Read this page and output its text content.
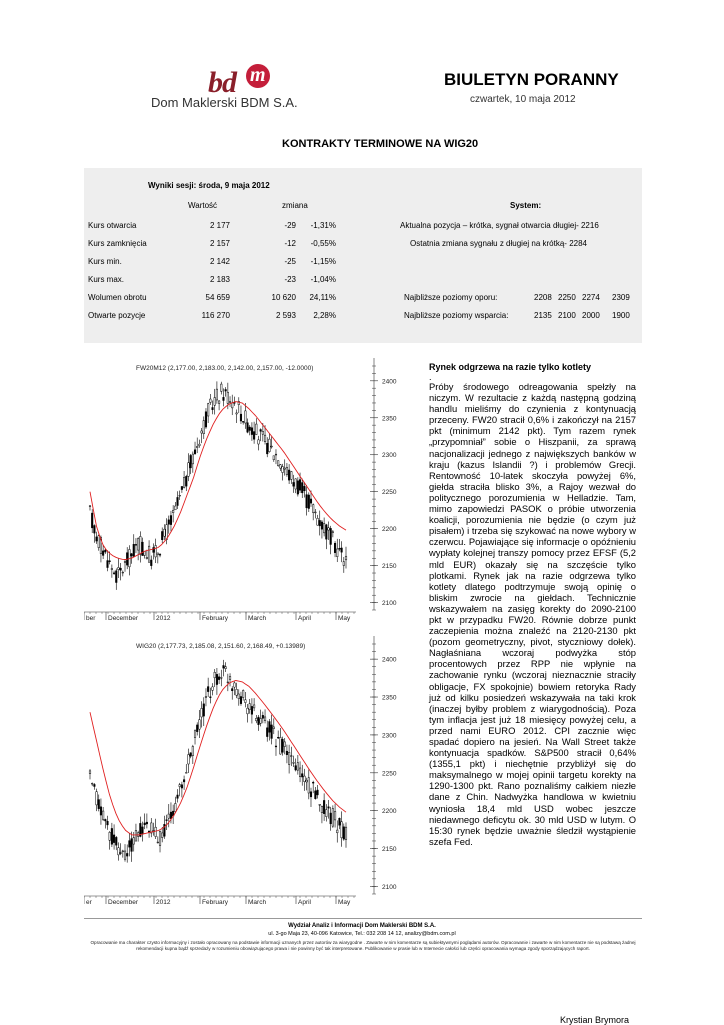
bd m
Dom Maklerski BDM S.A.
BIULETYN PORANNY
czwartek, 10 maja 2012
KONTRAKTY TERMINOWE NA WIG20
Wyniki sesji: środa, 9 maja 2012
Wartość	zmiana	System:
Kurs otwarcia	2 177	-29	-1,31%
Kurs zamknięcia	2 157	-12	-0,55%
Kurs min.	2 142	-25	-1,15%
Kurs max.	2 183	-23	-1,04%
Wolumen obrotu	54 659	10 620	24,11%
Otwarte pozycje	116 270	2 593	2,28%
Aktualna pozycja – krótka, sygnał otwarcia długiej- 2216
Ostatnia zmiana sygnału z długiej na krótką- 2284
Najbliższe poziomy oporu:	2208 2250 2274 2309
Najbliższe poziomy wsparcia:	2135 2100 2000 1900
FW20M12 (2,177.00, 2,183.00, 2,142.00, 2,157.00, -12.0000)
2400
2350
2300
2250
2200
2150
2100
ber December	2012	February	March	April	May
WIG20 (2,177.73, 2,185.08, 2,151.60, 2,168.49, +0.13989)
2400
2350
2300
2250
2200
2150
2100
er December	2012	February	March	April	May
Rynek odgrzewa na razie tylko kotlety
.

Próby środowego odreagowania spełzły na niczym. W rezultacie z każdą następną godziną handlu mieliśmy do czynienia z kontynuacją przeceny. FW20 stracił 0,6% i zakończył na 2157 pkt (minimum 2142 pkt). Tym razem rynek „przypomniał” sobie o Hiszpanii, za sprawą nacjonalizacji jednego z największych banków w kraju (kazus Islandii ?) i problemów Grecji. Rentowność 10-latek skoczyła powyżej 6%, giełda straciła blisko 3%, a Rajoy wezwał do politycznego porozumienia w Helladzie. Tam, mimo zapowiedzi PASOK o próbie utworzenia koalicji, porozumienia nie będzie (o czym już pisałem) i trzeba się szykować na nowe wybory w czerwcu. Pojawiające się informacje o opóźnieniu wypłaty kolejnej transzy pomocy przez EFSF (5,2 mld EUR) okazały się na szczęście tylko plotkami. Rynek jak na razie odgrzewa tylko kotlety dlatego podtrzymuje swoją opinię o bliskim zwrocie na giełdach. Technicznie wskazywałem na zasięg korekty do 2090-2100 pkt w przypadku FW20. Równie dobrze punkt zaczepienia można znaleźć na 2120-2130 pkt (pozom geometryczny, pivot, styczniowy dołek). Nagłaśniana wczoraj podwyżka stóp procentowych przez RPP nie wpłynie na zachowanie rynku (wczoraj nieznacznie straciły obligacje, FX spokojnie) bowiem retoryka Rady już od kilku posiedzeń wskazywała na taki krok (inaczej byłby problem z wiarygodnością). Poza tym inflacja jest już 18 miesięcy powyżej celu, a przed nami EURO 2012. CPI zacznie więc spadać dopiero na jesień. Na Wall Street także kontynuacja spadków. S&P500 stracił 0,64% (1355,1 pkt) i niechętnie przybliżył się do maksymalnego w mojej opinii targetu korekty na 1290-1300 pkt. Rano poznaliśmy całkiem niezłe dane z Chin. Nadwyżka handlowa w kwietniu wyniosła 18,4 mld USD wobec jeszcze niedawnego deficytu ok. 30 mld USD w lutym. O 15:30 rynek będzie uważnie śledził wystąpienie szefa Fed.

Krystian Brymora
Wydział Analiz i Informacji Dom Maklerski BDM S.A.
ul. 3-go Maja 23, 40-096 Katowice, Tel.: 032 208 14 12, analizy@bdm.com.pl
Opracowanie ma charakter czysto informacyjny i zostało opracowany na podstawie informacji uznanych przez autorów za wiarygodne . Zawarte w nim komentarze są subiektywnymi poglądami autorów. Opracowanie i zawarte w nim komentarze nie są podstawą żadnej rekomendacji kupna bądź sprzedaży w rozumieniu obowiązującego prawa i nie powinny być tak interpretowane. Publikowanie w prasie lub w Internecie całości lub części opracowania wymaga zgody sporządzających raport.
